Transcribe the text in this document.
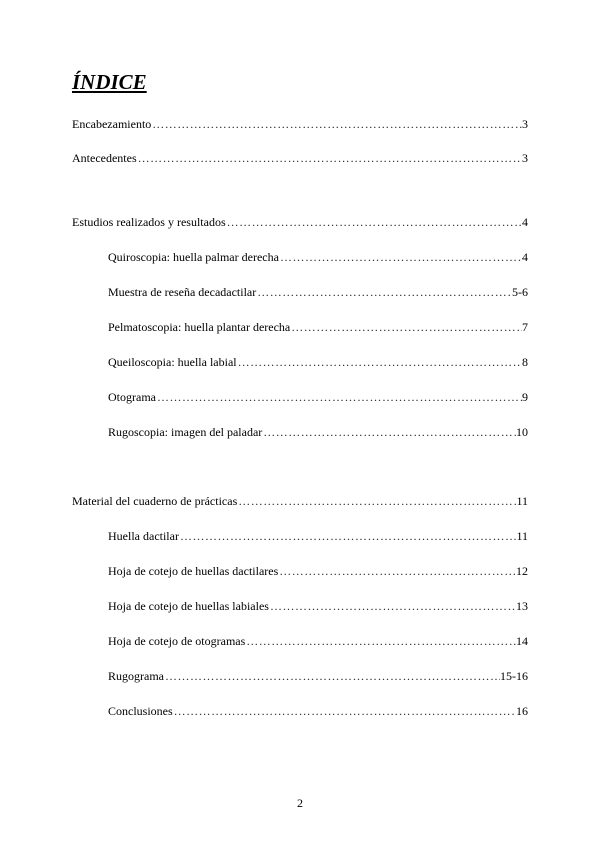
ÍNDICE
Encabezamiento ……………………………………………………………………………………………………………………………………………………………………	3
Antecedentes ……………………………………………………………………………………………………………………………………………………………………	3
Estudios realizados y resultados ……………………………………………………………………………………………………………………………………………………………………	4
Quiroscopia: huella palmar derecha ……………………………………………………………………………………………………………………………………………………………………	4
Muestra de reseña decadactilar ……………………………………………………………………………………………………………………………………………………………………	5-6
Pelmatoscopia: huella plantar derecha ……………………………………………………………………………………………………………………………………………………………………	7
Queiloscopia: huella labial ……………………………………………………………………………………………………………………………………………………………………	8
Otograma ……………………………………………………………………………………………………………………………………………………………………	9
Rugoscopia: imagen del paladar ……………………………………………………………………………………………………………………………………………………………………	10
Material del cuaderno de prácticas ……………………………………………………………………………………………………………………………………………………………………	11
Huella dactilar ……………………………………………………………………………………………………………………………………………………………………	11
Hoja de cotejo de huellas dactilares ……………………………………………………………………………………………………………………………………………………………………	12
Hoja de cotejo de huellas labiales ……………………………………………………………………………………………………………………………………………………………………	13
Hoja de cotejo de otogramas ……………………………………………………………………………………………………………………………………………………………………	14
Rugograma ……………………………………………………………………………………………………………………………………………………………………	15-16
Conclusiones ……………………………………………………………………………………………………………………………………………………………………	16
2
